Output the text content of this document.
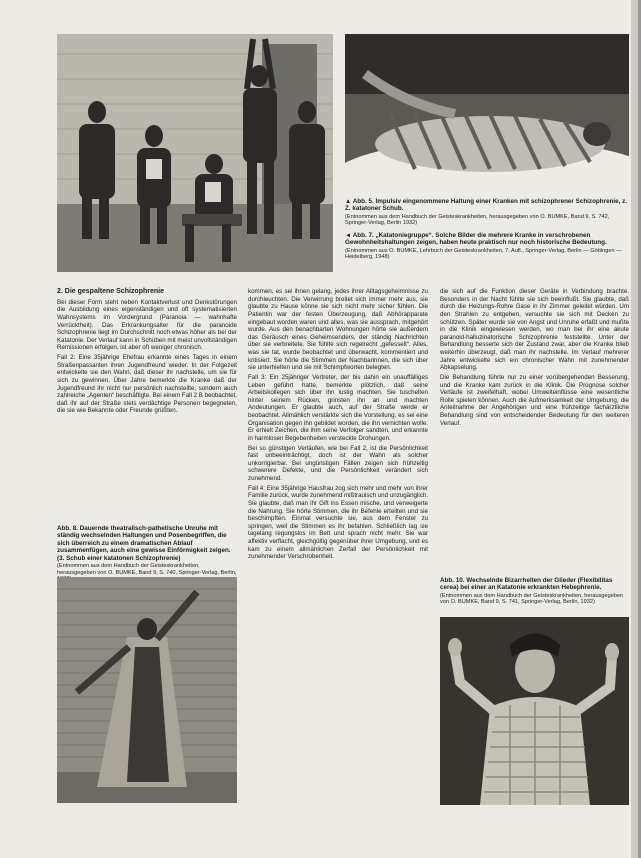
▲ Abb. 5. Impulsiv eingenommene Haltung einer Kranken mit schizophrener Schizophrenie, z. Z. katatoner Schub.
(Entnommen aus dem Handbuch der Geisteskrankheiten, herausgegeben von O. BUMKE, Band 9, S. 742, Springer-Verlag, Berlin 1932)
◄ Abb. 7. „Katatoniegruppe“. Solche Bilder die mehrere Kranke in verschrobenen Gewohnheitshaltungen zeigen, haben heute praktisch nur noch historische Bedeutung.
(Entnommen aus O. BUMKE, Lehrbuch der Geisteskrankheiten, 7. Aufl., Springer-Verlag, Berlin — Göttingen — Heidelberg, 1948)
2. Die gespaltene Schizophrenie

Bei dieser Form steht neben Kontaktverlust und Denkstörungen die Ausbildung eines eigenständigen und oft systematisierten Wahnsystems im Vordergrund (Paranoia — wahnhafte Verrücktheit). Das Erkrankungsalter für die paranoide Schizophrenie liegt im Durchschnitt noch etwas höher als bei der Katatonie. Der Verlauf kann in Schüben mit meist unvollständigen Remissionen erfolgen, ist aber oft weniger chronisch.

Fall 2: Eine 35jährige Ehefrau erkannte eines Tages in einem Straßenpassanten ihren Jugendfreund wieder. In der Folgezeit entwickelte sie den Wahn, daß dieser ihr nachstelle, um sie für sich zu gewinnen. Über Jahre bemerkte die Kranke daß der Jugendfreund ihr nicht nur persönlich nachstellte, sondern auch zahlreiche „Agenten“ beschäftigte. Bei einem Fall 2 B beobachtet, daß ihr auf der Straße stets verdächtige Personen begegneten, die sie wie Bekannte oder Freunde grüßten.

Abb. 8. Dauernde theatralisch-pathetische Unruhe mit ständig wechselnden Haltungen und Posenbegriffen, die sich überreich zu einem dramatischen Ablauf zusammenfügen, auch eine gewisse Einförmigkeit zeigen. (3. Schub einer katatonen Schizophrenie)
(Entnommen aus dem Handbuch der Geisteskrankheiten, herausgegeben von O. BUMKE, Band 9, S. 740, Springer-Verlag, Berlin,

kommen, es sei ihnen gelang, jedes ihrer Alltagsgeheimnisse zu durchleuchten. Die Verwirrung breitet sich immer mehr aus, sie glaubte zu Hause könne sie sich nicht mehr sicher fühlen. Die Patientin war der festen Überzeugung, daß Abhörapparate eingebaut worden waren und alles, was sie aussprach, mitgehört wurde. Aus den benachbarten Wohnungen hörte sie außerdem das Geräusch eines Geheimsenders, der ständig Nachrichten über sie verbreitete. Sie fühlte sich regelrecht „gefesselt“. Alles, was sie tat, wurde beobachtet und überwacht, kommentiert und kritisiert. Sie hörte die Stimmen der Nachbarinnen, die sich über sie unterhielten und sie mit Schimpfworten belegten.

Fall 3: Ein 25jähriger Vertreter, der bis dahin ein unauffälliges Leben geführt hatte, bemerkte plötzlich, daß seine Arbeitskollegen sich über ihn lustig machten. Sie tuschelten hinter seinem Rücken, grinsten ihn an und machten Andeutungen. Er glaubte auch, auf der Straße werde er beobachtet. Allmählich verstärkte sich die Vorstellung, es sei eine Organisation gegen ihn gebildet worden, die ihn vernichten wolle. Er erhielt Zeichen, die ihm seine Verfolger sandten, und erkannte in harmlosen Begebenheiten versteckte Drohungen.

Bei so günstigen Verläufen, wie bei Fall 2, ist die Persönlichkeit fast unbeeinträchtigt, doch ist der Wahn als solcher unkorrigierbar. Bei ungünstigen Fällen zeigen sich frühzeitig schwerere Defekte, und die Persönlichkeit verändert sich zunehmend.

Fall 4: Eine 35jährige Hausfrau zog sich mehr und mehr von ihrer Familie zurück, wurde zunehmend mißtrauisch und unzugänglich. Sie glaubte, daß man ihr Gift ins Essen mische, und verweigerte die Nahrung. Sie hörte Stimmen, die ihr Befehle erteilten und sie beschimpften. Einmal versuchte sie, aus dem Fenster zu springen, weil die Stimmen es ihr befahlen. Schließlich lag sie tagelang regungslos im Bett und sprach nicht mehr. Sie war affektiv verflacht, gleichgültig gegenüber ihrer Umgebung, und es kam zu einem allmählichen Zerfall der Persönlichkeit mit zunehmender Verschrobenheit.

die sich auf die Funktion dieser Geräte in Verbindung brachte. Besonders in der Nacht fühlte sie sich beeinflußt. Sie glaubte, daß durch die Heizungs-Rohre Gase in ihr Zimmer geleitet würden. Um den Strahlen zu entgehen, versuchte sie sich mit Decken zu schützen. Später wurde sie von Angst und Unruhe erfaßt und mußte in die Klinik eingewiesen werden, wo man bei ihr eine akute paranoid-halluzinatorische Schizophrenie feststellte. Unter der Behandlung besserte sich der Zustand zwar, aber die Kranke blieb weiterhin überzeugt, daß man ihr nachstelle. Im Verlauf mehrerer Jahre entwickelte sich ein chronischer Wahn mit zunehmender Abkapselung.

Die Behandlung führte nur zu einer vorübergehenden Besserung, und die Kranke kam zurück in die Klinik. Die Prognose solcher Verläufe ist zweifelhaft, wobei Umwelteinflüsse eine wesentliche Rolle spielen können. Auch die Aufmerksamkeit der Umgebung, die Anteilnahme der Angehörigen und eine frühzeitige fachärztliche Behandlung sind von entscheidender Bedeutung für den weiteren Verlauf.

Abb. 10. Wechselnde Bizarrheiten der Glieder (Flexibilitas cerea) bei einer an Katatonie erkrankten Hebephrenie.
(Entnommen aus dem Handbuch der Geisteskrankheiten, herausgegeben von O. BUMKE, Band 9, S. 741, Springer-Verlag, Berlin, 1932)
